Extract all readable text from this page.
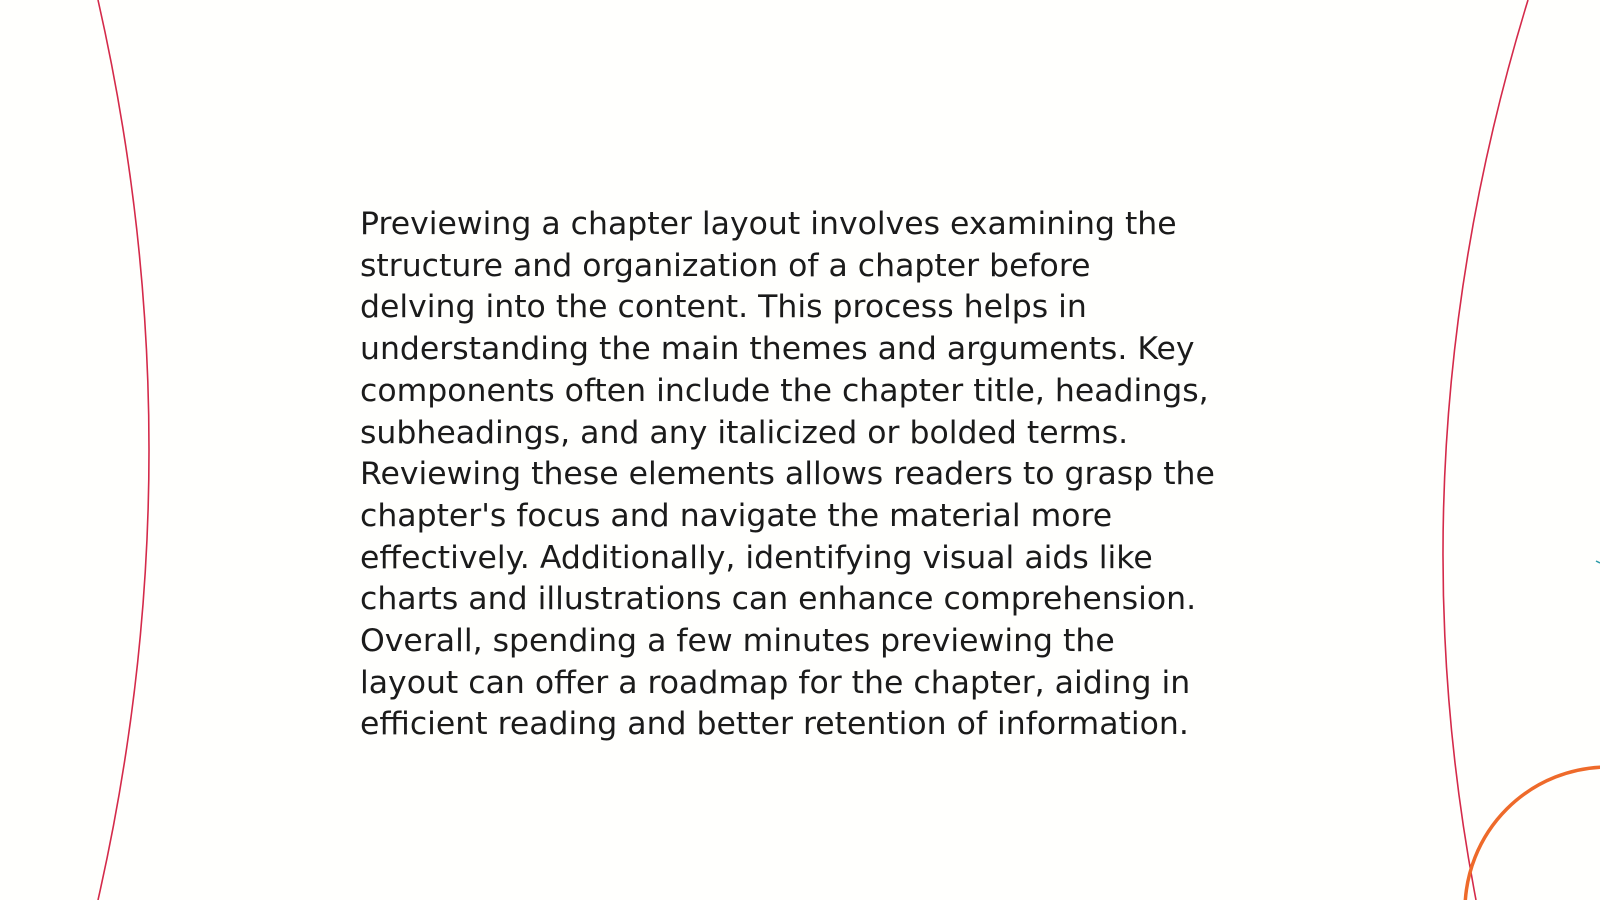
Previewing a chapter layout involves examining the
structure and organization of a chapter before
delving into the content. This process helps in
understanding the main themes and arguments. Key
components often include the chapter title, headings,
subheadings, and any italicized or bolded terms.
Reviewing these elements allows readers to grasp the
chapter's focus and navigate the material more
effectively. Additionally, identifying visual aids like
charts and illustrations can enhance comprehension.
Overall, spending a few minutes previewing the
layout can offer a roadmap for the chapter, aiding in
efficient reading and better retention of information.
